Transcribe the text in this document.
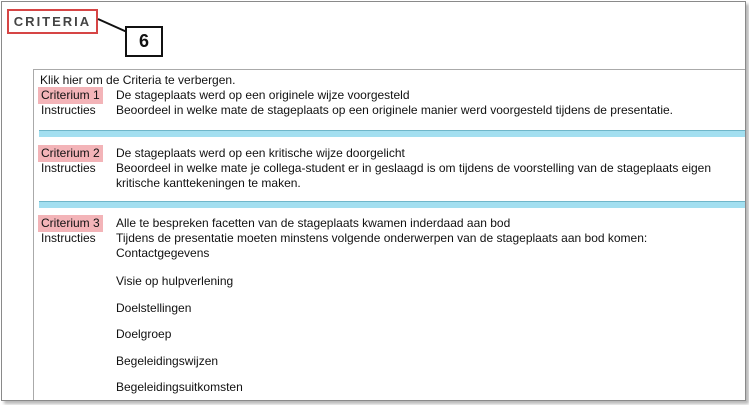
CRITERIA
6
Klik hier om de Criteria te verbergen.
Criterium 1 De stageplaats werd op een originele wijze voorgesteld
Instructies Beoordeel in welke mate de stageplaats op een originele manier werd voorgesteld tijdens de presentatie.
Criterium 2 De stageplaats werd op een kritische wijze doorgelicht
Instructies Beoordeel in welke mate je collega-student er in geslaagd is om tijdens de voorstelling van de stageplaats eigen
kritische kanttekeningen te maken.
Criterium 3 Alle te bespreken facetten van de stageplaats kwamen inderdaad aan bod
Instructies Tijdens de presentatie moeten minstens volgende onderwerpen van de stageplaats aan bod komen:
Contactgegevens
Visie op hulpverlening
Doelstellingen
Doelgroep
Begeleidingswijzen
Begeleidingsuitkomsten
